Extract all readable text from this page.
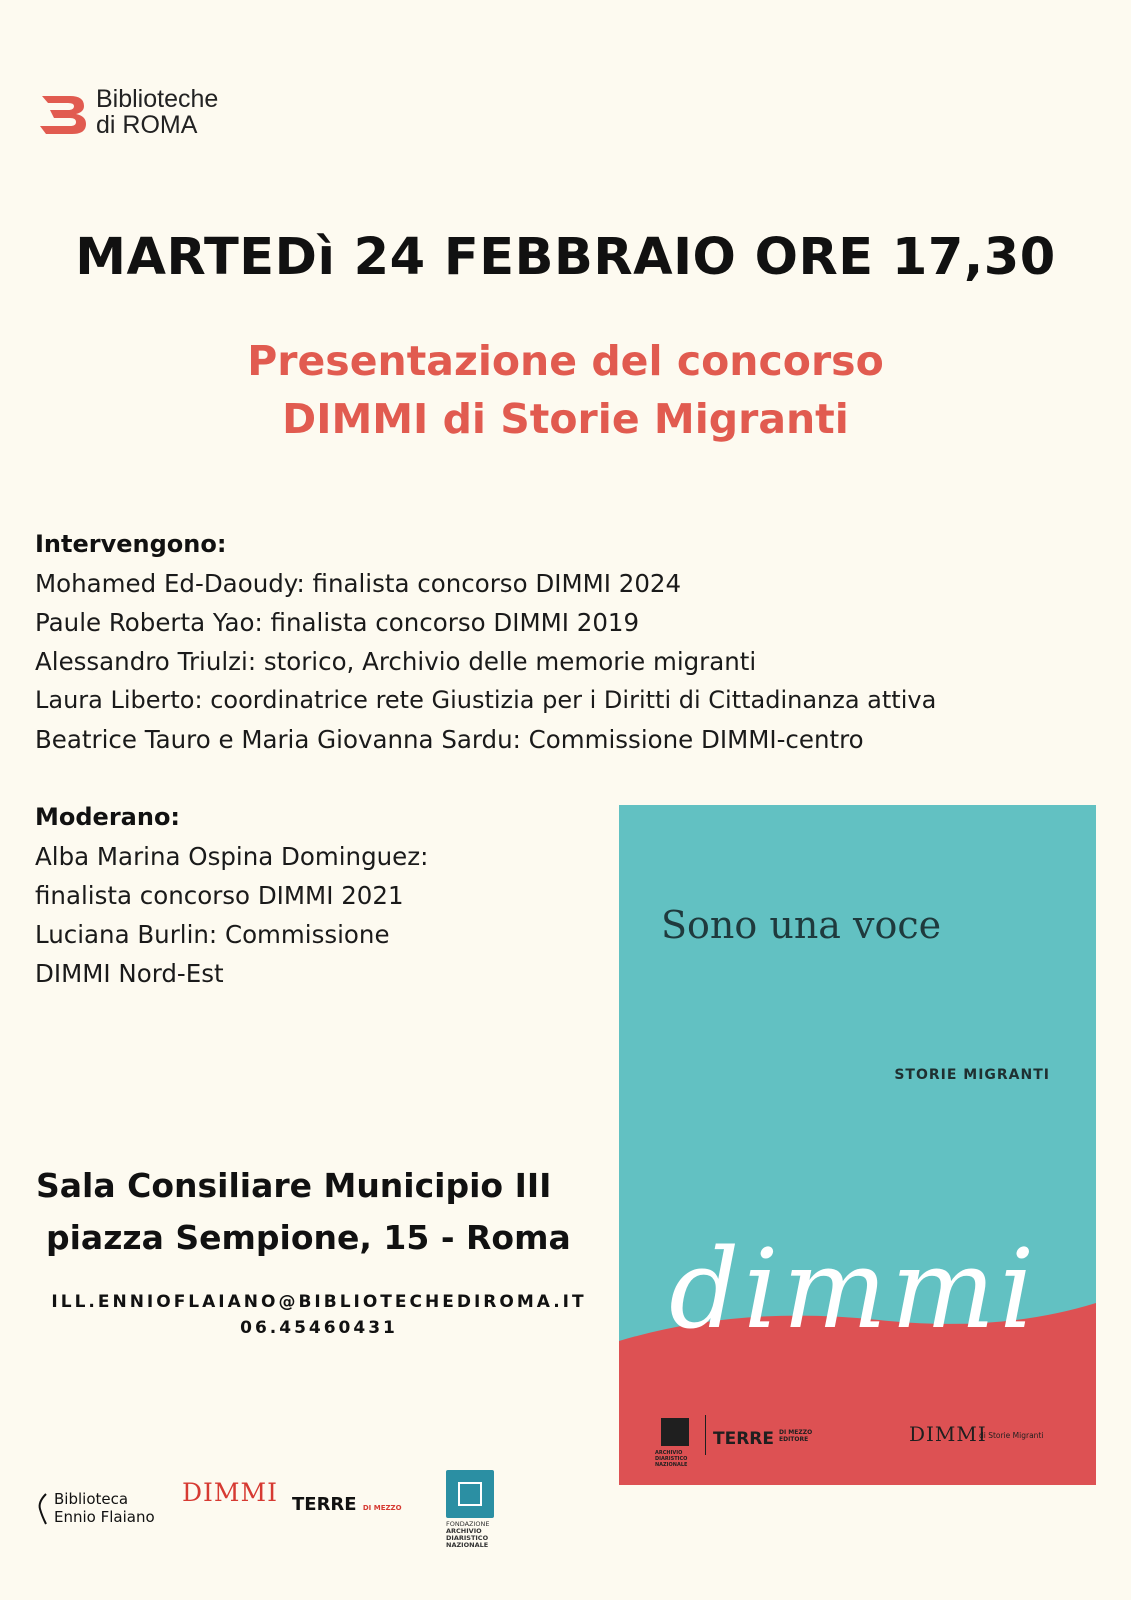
Biblioteche
di ROMA
MARTEDì 24 FEBBRAIO ORE 17,30
Presentazione del concorso
DIMMI di Storie Migranti
Intervengono:
Mohamed Ed-Daoudy: finalista concorso DIMMI 2024
Paule Roberta Yao: finalista concorso DIMMI 2019
Alessandro Triulzi: storico, Archivio delle memorie migranti
Laura Liberto: coordinatrice rete Giustizia per i Diritti di Cittadinanza attiva
Beatrice Tauro e Maria Giovanna Sardu: Commissione DIMMI-centro
Moderano:
Alba Marina Ospina Dominguez:
finalista concorso DIMMI 2021
Luciana Burlin: Commissione
DIMMI Nord-Est
Sala Consiliare Municipio III
piazza Sempione, 15 - Roma
ILL.ENNIOFLAIANO@BIBLIOTECHEDIROMA.IT
06.45460431
Sono una voce
STORIE MIGRANTI
dimmi
ARCHIVIO DIARISTICO NAZIONALE
TERRE DI MEZZO EDITORE	DIMMI
di Storie Migranti
Biblioteca
Ennio Flaiano
DIMMI TERRE DI MEZZO
FONDAZIONE
ARCHIVIO
DIARISTICO
NAZIONALE
